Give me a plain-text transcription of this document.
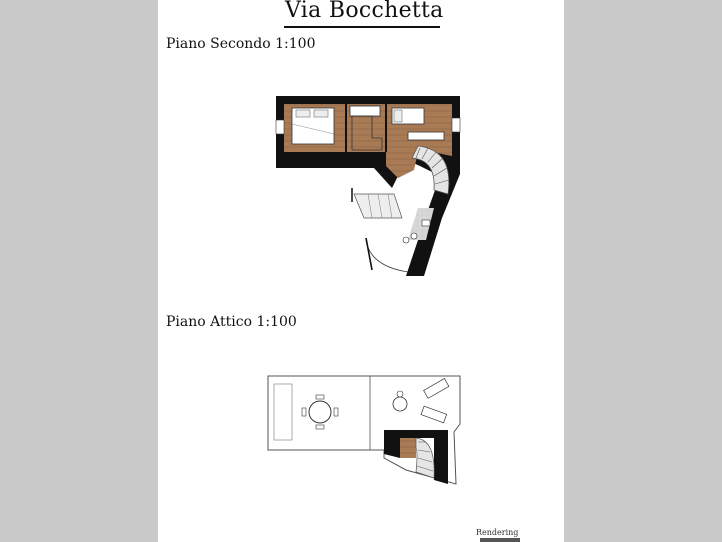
Via Bocchetta
Piano Secondo 1:100
Piano Attico 1:100
Rendering
